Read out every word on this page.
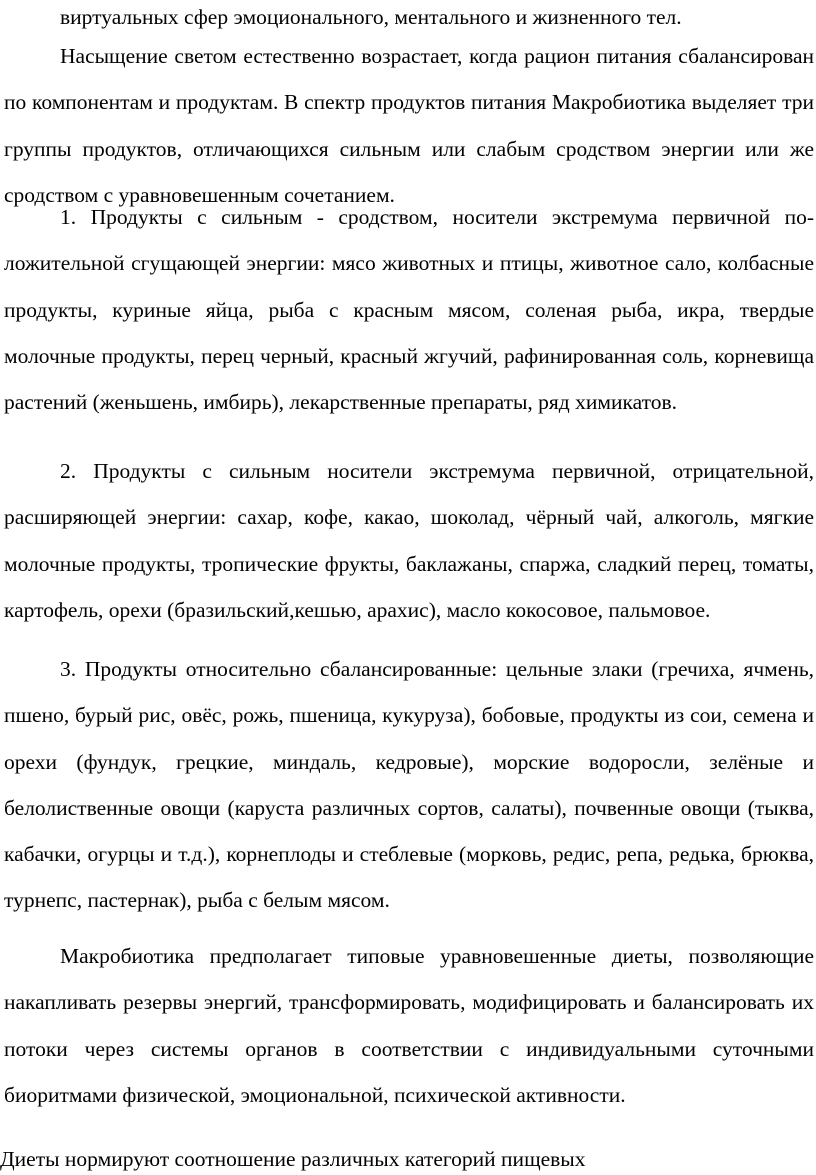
виртуальных сфер эмоционального, ментального и жизненного тел.

Насыщение светом естественно возрастает, когда рацион питания сбалансирован по компонентам и продуктам. В спектр продуктов питания Макробиотика выделяет три группы продуктов, отличающихся сильным или слабым сродством энергии или же сродством с уравновешенным сочетанием.

1. Продукты с сильным - сродством, носители экстремума первичной по-ложительной сгущающей энергии: мясо животных и птицы, животное сало, колбасные продукты, куриные яйца, рыба с красным мясом, соленая рыба, икра, твердые молочные продукты, перец черный, красный жгучий, рафинированная соль, корневища растений (женьшень, имбирь), лекарственные препараты, ряд химикатов.

2. Продукты с сильным носители экстремума первичной, отрицательной, расширяющей энергии: сахар, кофе, какао, шоколад, чёрный чай, алкоголь, мягкие молочные продукты, тропические фрукты, баклажаны, спаржа, сладкий перец, томаты, картофель, орехи (бразильский,кешью, арахис), масло кокосовое, пальмовое.

3. Продукты относительно сбалансированные: цельные злаки (гречиха, ячмень, пшено, бурый рис, овёс, рожь, пшеница, кукуруза), бобовые, продукты из сои, семена и орехи (фундук, грецкие, миндаль, кедровые), морские водоросли, зелёные и белолиственные овощи (каруста различных сортов, салаты), почвенные овощи (тыква, кабачки, огурцы и т.д.), корнеплоды и стеблевые (морковь, редис, репа, редька, брюква, турнепс, пастернак), рыба с белым мясом.

Макробиотика предполагает типовые уравновешенные диеты, позволяющие накапливать резервы энергий, трансформировать, модифицировать и балансировать их потоки через системы органов в соответствии с индивидуальными суточными биоритмами физической, эмоциональной, психической активности.

Диеты нормируют соотношение различных категорий пищевых
